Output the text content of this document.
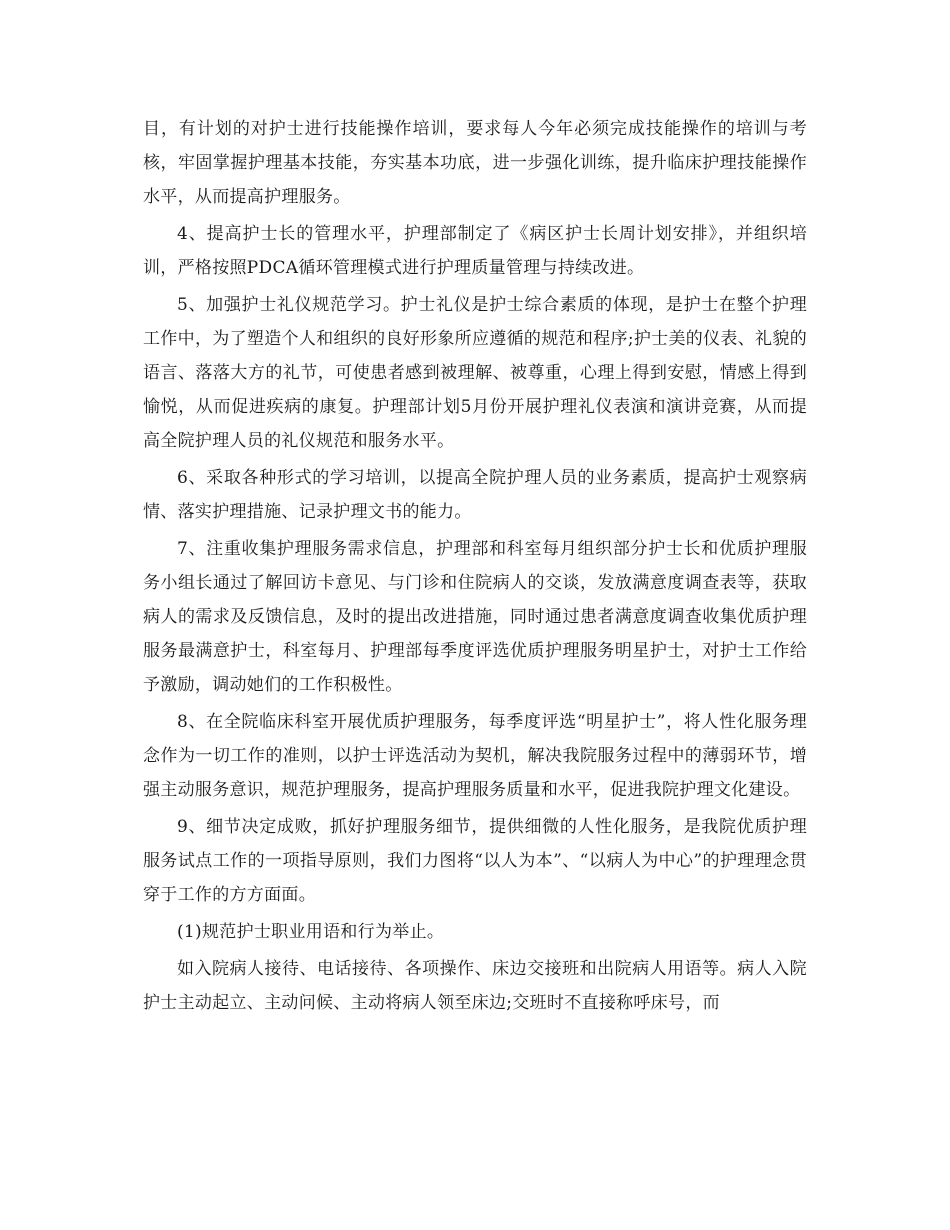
目，有计划的对护士进行技能操作培训，要求每人今年必须完成技能操作的培训与考核，牢固掌握护理基本技能，夯实基本功底，进一步强化训练，提升临床护理技能操作水平，从而提高护理服务。

4、提高护士长的管理水平，护理部制定了《病区护士长周计划安排》，并组织培训，严格按照PDCA循环管理模式进行护理质量管理与持续改进。

5、加强护士礼仪规范学习。护士礼仪是护士综合素质的体现，是护士在整个护理工作中，为了塑造个人和组织的良好形象所应遵循的规范和程序;护士美的仪表、礼貌的语言、落落大方的礼节，可使患者感到被理解、被尊重，心理上得到安慰，情感上得到愉悦，从而促进疾病的康复。护理部计划5月份开展护理礼仪表演和演讲竞赛，从而提高全院护理人员的礼仪规范和服务水平。

6、采取各种形式的学习培训，以提高全院护理人员的业务素质，提高护士观察病情、落实护理措施、记录护理文书的能力。

7、注重收集护理服务需求信息，护理部和科室每月组织部分护士长和优质护理服务小组长通过了解回访卡意见、与门诊和住院病人的交谈，发放满意度调查表等，获取病人的需求及反馈信息，及时的提出改进措施，同时通过患者满意度调查收集优质护理服务最满意护士，科室每月、护理部每季度评选优质护理服务明星护士，对护士工作给予激励，调动她们的工作积极性。

8、在全院临床科室开展优质护理服务，每季度评选“明星护士”，将人性化服务理念作为一切工作的准则，以护士评选活动为契机，解决我院服务过程中的薄弱环节，增强主动服务意识，规范护理服务，提高护理服务质量和水平，促进我院护理文化建设。

9、细节决定成败，抓好护理服务细节，提供细微的人性化服务，是我院优质护理服务试点工作的一项指导原则，我们力图将“以人为本”、“以病人为中心”的护理理念贯穿于工作的方方面面。

(1)规范护士职业用语和行为举止。

如入院病人接待、电话接待、各项操作、床边交接班和出院病人用语等。病人入院护士主动起立、主动问候、主动将病人领至床边;交班时不直接称呼床号，而
